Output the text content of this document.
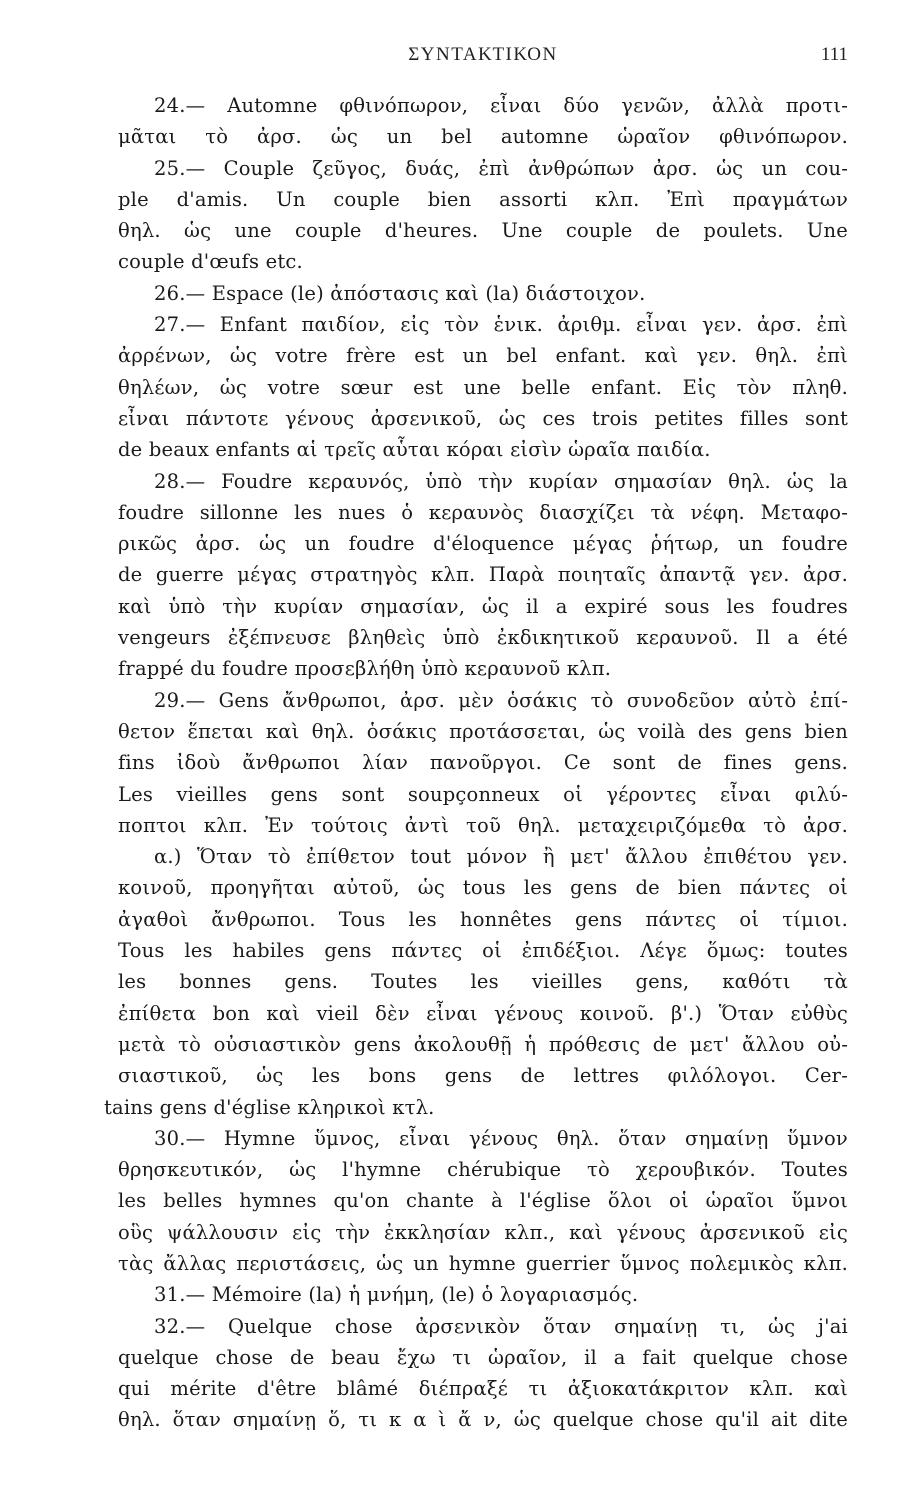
ΣΥΝΤΑΚΤΙΚΟΝ	111
24.— Automne φθινόπωρον, εἶναι δύο γενῶν, ἀλλὰ προτι-
μᾶται τὸ ἀρσ. ὡς un bel automne ὡραῖον φθινόπωρον.
25.— Couple ζεῦγος, δυάς, ἐπὶ ἀνθρώπων ἀρσ. ὡς un cou-
ple d'amis. Un couple bien assorti κλπ. Ἐπὶ πραγμάτων
θηλ. ὡς une couple d'heures. Une couple de poulets. Une
couple d'œufs etc.
26.— Espace (le) ἀπόστασις καὶ (la) διάστοιχον.
27.— Enfant παιδίον, εἰς τὸν ἑνικ. ἀριθμ. εἶναι γεν. ἀρσ. ἐπὶ
ἀρρένων, ὡς votre frère est un bel enfant. καὶ γεν. θηλ. ἐπὶ
θηλέων, ὡς votre sœur est une belle enfant. Εἰς τὸν πληθ.
εἶναι πάντοτε γένους ἀρσενικοῦ, ὡς ces trois petites filles sont
de beaux enfants αἱ τρεῖς αὗται κόραι εἰσὶν ὡραῖα παιδία.
28.— Foudre κεραυνός, ὑπὸ τὴν κυρίαν σημασίαν θηλ. ὡς la
foudre sillonne les nues ὁ κεραυνὸς διασχίζει τὰ νέφη. Μεταφο-
ρικῶς ἀρσ. ὡς un foudre d'éloquence μέγας ῥήτωρ, un foudre
de guerre μέγας στρατηγὸς κλπ. Παρὰ ποιηταῖς ἀπαντᾷ γεν. ἀρσ.
καὶ ὑπὸ τὴν κυρίαν σημασίαν, ὡς il a expiré sous les foudres
vengeurs ἐξέπνευσε βληθεὶς ὑπὸ ἐκδικητικοῦ κεραυνοῦ. Il a été
frappé du foudre προσεβλήθη ὑπὸ κεραυνοῦ κλπ.
29.— Gens ἄνθρωποι, ἀρσ. μὲν ὁσάκις τὸ συνοδεῦον αὐτὸ ἐπί-
θετον ἕπεται καὶ θηλ. ὁσάκις προτάσσεται, ὡς voilà des gens bien
fins ἰδοὺ ἄνθρωποι λίαν πανοῦργοι. Ce sont de fines gens.
Les vieilles gens sont soupçonneux οἱ γέροντες εἶναι φιλύ-
ποπτοι κλπ. Ἐν τούτοις ἀντὶ τοῦ θηλ. μεταχειριζόμεθα τὸ ἀρσ.
α.) Ὅταν τὸ ἐπίθετον tout μόνον ἢ μετ' ἄλλου ἐπιθέτου γεν.
κοινοῦ, προηγῆται αὐτοῦ, ὡς tous les gens de bien πάντες οἱ
ἀγαθοὶ ἄνθρωποι. Tous les honnêtes gens πάντες οἱ τίμιοι.
Tous les habiles gens πάντες οἱ ἐπιδέξιοι. Λέγε ὅμως: toutes
les bonnes gens. Toutes les vieilles gens, καθότι τὰ
ἐπίθετα bon καὶ vieil δὲν εἶναι γένους κοινοῦ. β'.) Ὅταν εὐθὺς
μετὰ τὸ οὐσιαστικὸν gens ἀκολουθῇ ἡ πρόθεσις de μετ' ἄλλου οὐ-
σιαστικοῦ, ὡς les bons gens de lettres φιλόλογοι. Cer-
tains gens d'église κληρικοὶ κτλ.
30.— Hymne ὕμνος, εἶναι γένους θηλ. ὅταν σημαίνῃ ὕμνον
θρησκευτικόν, ὡς l'hymne chérubique τὸ χερουβικόν. Toutes
les belles hymnes qu'on chante à l'église ὅλοι οἱ ὡραῖοι ὕμνοι
οὓς ψάλλουσιν εἰς τὴν ἐκκλησίαν κλπ., καὶ γένους ἀρσενικοῦ εἰς
τὰς ἄλλας περιστάσεις, ὡς un hymne guerrier ὕμνος πολεμικὸς κλπ.
31.— Mémoire (la) ἡ μνήμη, (le) ὁ λογαριασμός.
32.— Quelque chose ἀρσενικὸν ὅταν σημαίνῃ τι, ὡς j'ai
quelque chose de beau ἔχω τι ὡραῖον, il a fait quelque chose
qui mérite d'être blâmé διέπραξέ τι ἀξιοκατάκριτον κλπ. καὶ
θηλ. ὅταν σημαίνῃ ὅ, τι κ α ὶ ἄ ν, ὡς quelque chose qu'il ait dite
